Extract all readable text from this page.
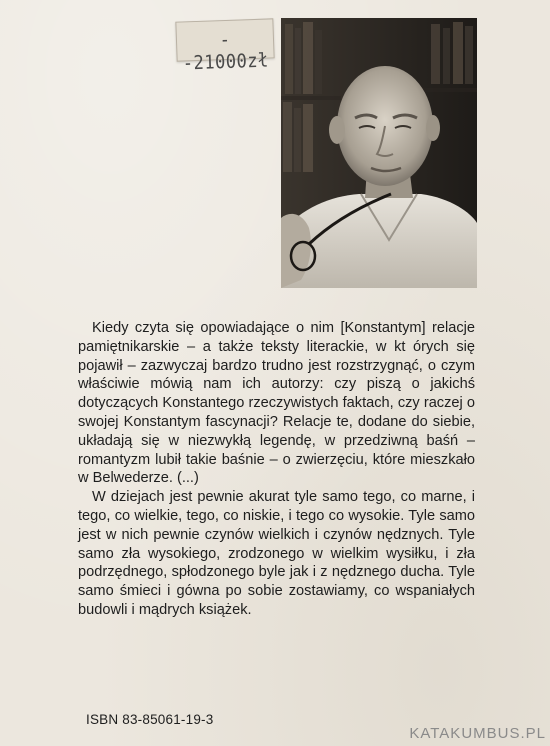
--21000zł

Kiedy czyta się opowiadające o nim [Konstantym] relacje pamiętnikarskie – a także teksty literackie, w kt órych się pojawił – zazwyczaj bardzo trudno jest rozstrzygnąć, o czym właściwie mówią nam ich autorzy: czy piszą o jakichś dotyczących Konstantego rzeczywistych faktach, czy raczej o swojej Konstantym fascynacji? Relacje te, dodane do siebie, układają się w niezwykłą legendę, w przedziwną baśń – romantyzm lubił takie baśnie – o zwierzęciu, które mieszkało w Belwederze. (...)

W dziejach jest pewnie akurat tyle samo tego, co marne, i tego, co wielkie, tego, co niskie, i tego co wysokie. Tyle samo jest w nich pewnie czynów wielkich i czynów nędznych. Tyle samo zła wysokiego, zrodzonego w wielkim wysiłku, i zła podrzędnego, spłodzonego byle jak i z nędznego ducha. Tyle samo śmieci i gówna po sobie zostawiamy, co wspaniałych budowli i mądrych książek.

ISBN 83-85061-19-3
KATAKUMBUS.PL
